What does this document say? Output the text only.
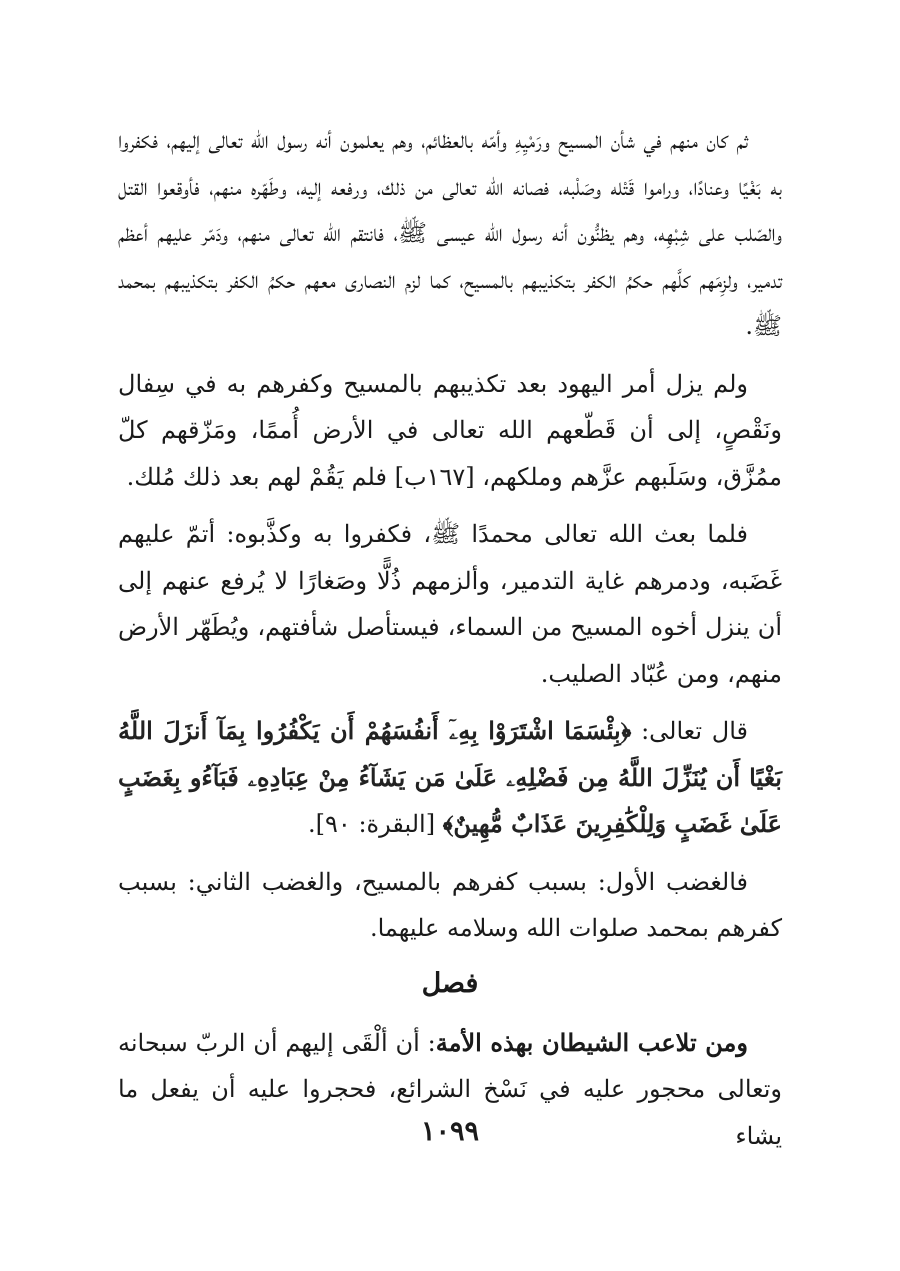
ثم كان منهم في شأن المسيح ورَمْيِهِ وأمّه بالعظائم، وهم يعلمون أنه رسول الله تعالى إليهم، فكفروا به بَغْيًا وعنادًا، وراموا قَتْله وصَلْبه، فصانه الله تعالى من ذلك، ورفعه إليه، وطَهّره منهم، فأوقعوا القتل والصّلب على شِبْهِه، وهم يظنُّون أنه رسول الله عيسى ﷺ، فانتقم الله تعالى منهم، ودَمّر عليهم أعظم تدمير، ولزِمَهم كلَّهم حكمُ الكفر بتكذيبهم بالمسيح، كما لزم النصارى معهم حكمُ الكفر بتكذيبهم بمحمد ﷺ.

ولم يزل أمر اليهود بعد تكذيبهم بالمسيح وكفرهم به في سِفال ونَقْصٍ، إلى أن قَطّعهم الله تعالى في الأرض أُممًا، ومَزّقهم كلّ ممُزَّق، وسَلَبهم عزَّهم وملكهم، [١٦٧ب] فلم يَقُمْ لهم بعد ذلك مُلك.

فلما بعث الله تعالى محمدًا ﷺ، فكفروا به وكذَّبوه: أتمّ عليهم غَضَبه، ودمرهم غاية التدمير، وألزمهم ذُلًّا وصَغارًا لا يُرفع عنهم إلى أن ينزل أخوه المسيح من السماء، فيستأصل شأفتهم، ويُطَهّر الأرض منهم، ومن عُبّاد الصليب.

قال تعالى: ﴿بِئْسَمَا اشْتَرَوْا بِهِۦٓ أَنفُسَهُمْ أَن يَكْفُرُوا بِمَآ أَنزَلَ اللَّهُ بَغْيًا أَن يُنَزِّلَ اللَّهُ مِن فَضْلِهِۦ عَلَىٰ مَن يَشَآءُ مِنْ عِبَادِهِۦ فَبَآءُو بِغَضَبٍ عَلَىٰ غَضَبٍ وَلِلْكَٰفِرِينَ عَذَابٌ مُّهِينٌ﴾ [البقرة: ٩٠].

فالغضب الأول: بسبب كفرهم بالمسيح، والغضب الثاني: بسبب كفرهم بمحمد صلوات الله وسلامه عليهما.

فصل

ومن تلاعب الشيطان بهذه الأمة: أن ألْقَى إليهم أن الربّ سبحانه وتعالى محجور عليه في نَسْخ الشرائع، فحجروا عليه أن يفعل ما يشاء

١٠٩٩
